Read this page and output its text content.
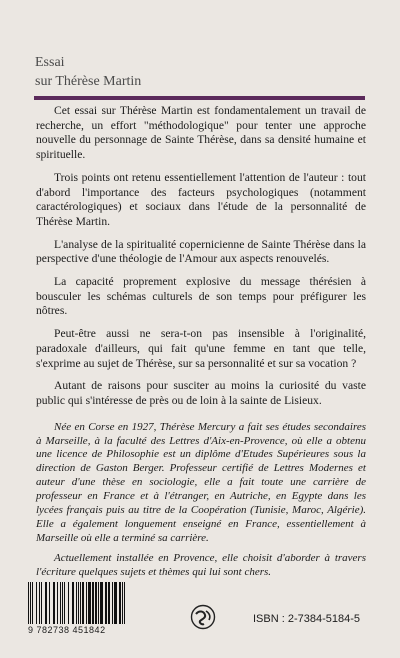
Essai
sur Thérèse Martin

Cet essai sur Thérèse Martin est fondamentalement un travail de recherche, un effort "méthodologique" pour tenter une approche nouvelle du personnage de Sainte Thérèse, dans sa densité humaine et spirituelle.

Trois points ont retenu essentiellement l'attention de l'auteur : tout d'abord l'importance des facteurs psychologiques (notamment caractérologiques) et sociaux dans l'étude de la personnalité de Thérèse Martin.

L'analyse de la spiritualité copernicienne de Sainte Thérèse dans la perspective d'une théologie de l'Amour aux aspects renouvelés.

La capacité proprement explosive du message thérésien à bousculer les schémas culturels de son temps pour préfigurer les nôtres.

Peut-être aussi ne sera-t-on pas insensible à l'originalité, paradoxale d'ailleurs, qui fait qu'une femme en tant que telle, s'exprime au sujet de Thérèse, sur sa personnalité et sur sa vocation ?

Autant de raisons pour susciter au moins la curiosité du vaste public qui s'intéresse de près ou de loin à la sainte de Lisieux.

Née en Corse en 1927, Thérèse Mercury a fait ses études secondaires à Marseille, à la faculté des Lettres d'Aix-en-Provence, où elle a obtenu une licence de Philosophie est un diplôme d'Etudes Supérieures sous la direction de Gaston Berger. Professeur certifié de Lettres Modernes et auteur d'une thèse en sociologie, elle a fait toute une carrière de professeur en France et à l'étranger, en Autriche, en Egypte dans les lycées français puis au titre de la Coopération (Tunisie, Maroc, Algérie). Elle a également longuement enseigné en France, essentiellement à Marseille où elle a terminé sa carrière.

Actuellement installée en Provence, elle choisit d'aborder à travers l'écriture quelques sujets et thèmes qui lui sont chers.

9 782738 451842
ISBN : 2-7384-5184-5
